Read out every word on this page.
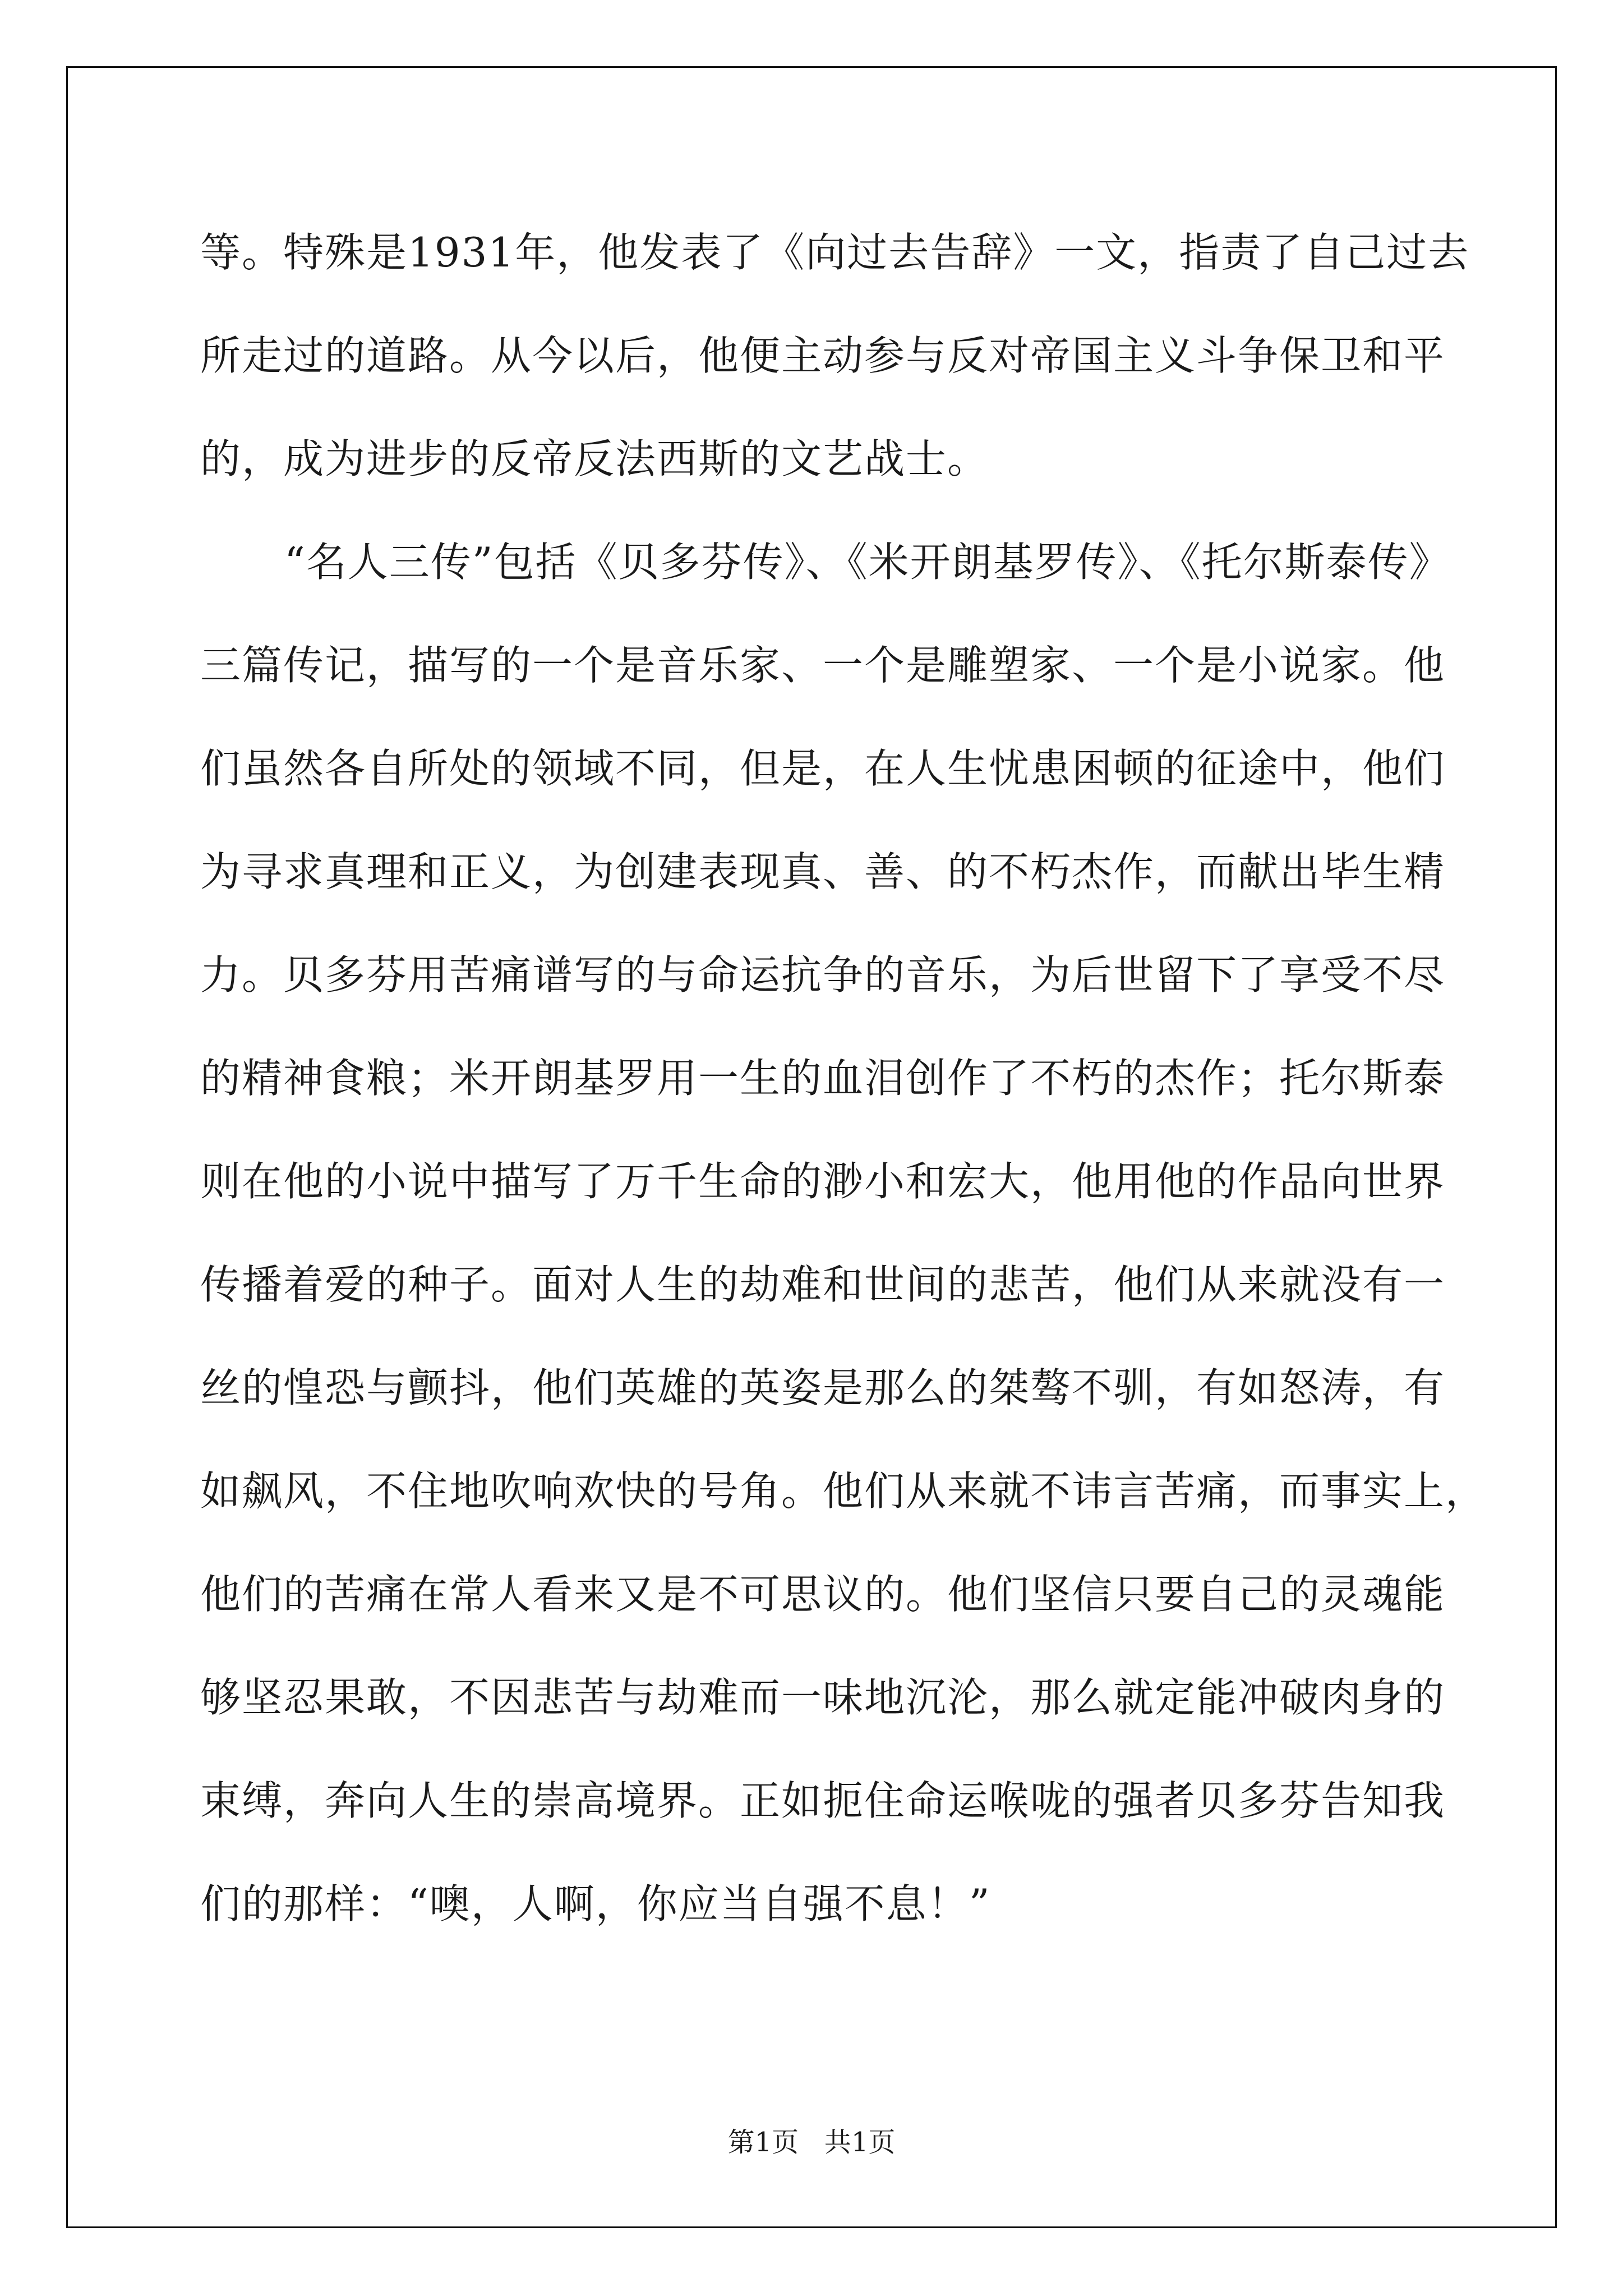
等。特殊是1931年，他发表了《向过去告辞》一文，指责了自己过去
所走过的道路。从今以后，他便主动参与反对帝国主义斗争保卫和平
的，成为进步的反帝反法西斯的文艺战士。
“名人三传”包括《贝多芬传》、《米开朗基罗传》、《托尔斯泰传》
三篇传记，描写的一个是音乐家、一个是雕塑家、一个是小说家。他
们虽然各自所处的领域不同，但是，在人生忧患困顿的征途中，他们
为寻求真理和正义，为创建表现真、善、的不朽杰作，而献出毕生精
力。贝多芬用苦痛谱写的与命运抗争的音乐，为后世留下了享受不尽
的精神食粮；米开朗基罗用一生的血泪创作了不朽的杰作；托尔斯泰
则在他的小说中描写了万千生命的渺小和宏大，他用他的作品向世界
传播着爱的种子。面对人生的劫难和世间的悲苦，他们从来就没有一
丝的惶恐与颤抖，他们英雄的英姿是那么的桀骜不驯，有如怒涛，有
如飙风，不住地吹响欢快的号角。他们从来就不讳言苦痛，而事实上，
他们的苦痛在常人看来又是不可思议的。他们坚信只要自己的灵魂能
够坚忍果敢，不因悲苦与劫难而一味地沉沦，那么就定能冲破肉身的
束缚，奔向人生的崇高境界。正如扼住命运喉咙的强者贝多芬告知我
们的那样：“噢，人啊，你应当自强不息！”
第1页   共1页
